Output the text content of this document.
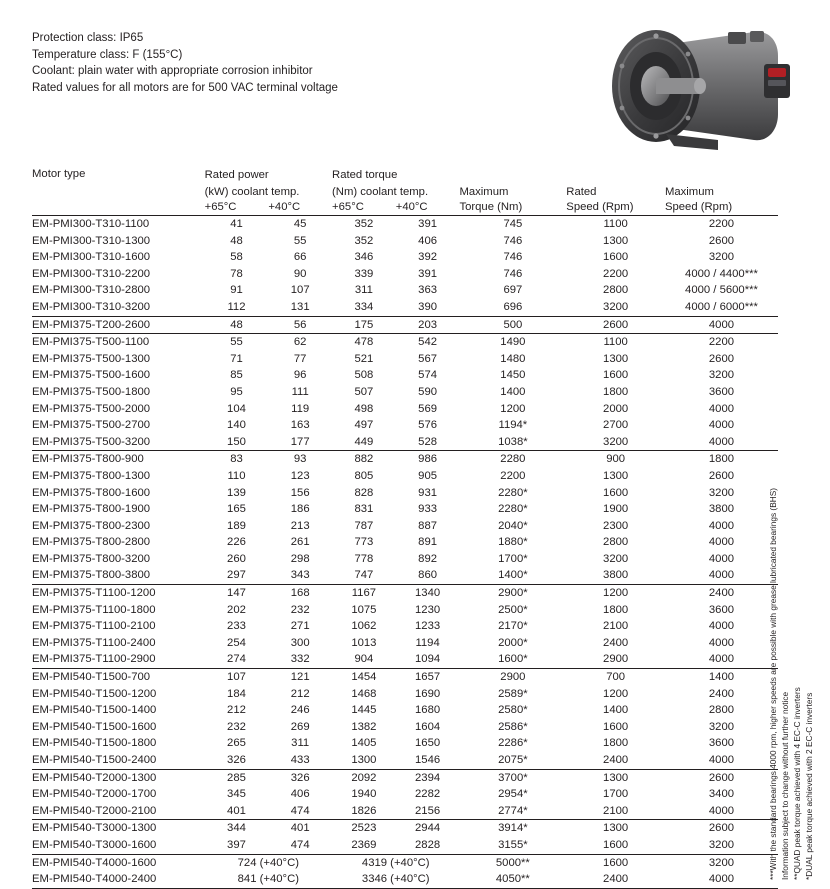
Protection class: IP65
Temperature class: F (155°C)
Coolant: plain water with appropriate corrosion inhibitor
Rated values for all motors are for 500 VAC terminal voltage
Motor type	Rated power		Rated torque		Maximum	Rated	Maximum
	(kW) coolant temp.		(Nm) coolant temp.				
	+65°C	+40°C	+65°C	+40°C	Torque (Nm)	Speed (Rpm)	Speed (Rpm)
EM-PMI300-T310-1100	41	45	352	391	745	1100	2200
EM-PMI300-T310-1300	48	55	352	406	746	1300	2600
EM-PMI300-T310-1600	58	66	346	392	746	1600	3200
EM-PMI300-T310-2200	78	90	339	391	746	2200	4000 / 4400***
EM-PMI300-T310-2800	91	107	311	363	697	2800	4000 / 5600***
EM-PMI300-T310-3200	112	131	334	390	696	3200	4000 / 6000***
EM-PMI375-T200-2600	48	56	175	203	500	2600	4000
EM-PMI375-T500-1100	55	62	478	542	1490	1100	2200
EM-PMI375-T500-1300	71	77	521	567	1480	1300	2600
EM-PMI375-T500-1600	85	96	508	574	1450	1600	3200
EM-PMI375-T500-1800	95	111	507	590	1400	1800	3600
EM-PMI375-T500-2000	104	119	498	569	1200	2000	4000
EM-PMI375-T500-2700	140	163	497	576	1194*	2700	4000
EM-PMI375-T500-3200	150	177	449	528	1038*	3200	4000
EM-PMI375-T800-900	83	93	882	986	2280	900	1800
EM-PMI375-T800-1300	110	123	805	905	2200	1300	2600
EM-PMI375-T800-1600	139	156	828	931	2280*	1600	3200
EM-PMI375-T800-1900	165	186	831	933	2280*	1900	3800
EM-PMI375-T800-2300	189	213	787	887	2040*	2300	4000
EM-PMI375-T800-2800	226	261	773	891	1880*	2800	4000
EM-PMI375-T800-3200	260	298	778	892	1700*	3200	4000
EM-PMI375-T800-3800	297	343	747	860	1400*	3800	4000
EM-PMI375-T1100-1200	147	168	1167	1340	2900*	1200	2400
EM-PMI375-T1100-1800	202	232	1075	1230	2500*	1800	3600
EM-PMI375-T1100-2100	233	271	1062	1233	2170*	2100	4000
EM-PMI375-T1100-2400	254	300	1013	1194	2000*	2400	4000
EM-PMI375-T1100-2900	274	332	904	1094	1600*	2900	4000
EM-PMI540-T1500-700	107	121	1454	1657	2900	700	1400
EM-PMI540-T1500-1200	184	212	1468	1690	2589*	1200	2400
EM-PMI540-T1500-1400	212	246	1445	1680	2580*	1400	2800
EM-PMI540-T1500-1600	232	269	1382	1604	2586*	1600	3200
EM-PMI540-T1500-1800	265	311	1405	1650	2286*	1800	3600
EM-PMI540-T1500-2400	326	433	1300	1546	2075*	2400	4000
EM-PMI540-T2000-1300	285	326	2092	2394	3700*	1300	2600
EM-PMI540-T2000-1700	345	406	1940	2282	2954*	1700	3400
EM-PMI540-T2000-2100	401	474	1826	2156	2774*	2100	4000
EM-PMI540-T3000-1300	344	401	2523	2944	3914*	1300	2600
EM-PMI540-T3000-1600	397	474	2369	2828	3155*	1600	3200
EM-PMI540-T4000-1600	724 (+40°C)		4319 (+40°C)		5000**	1600	3200
EM-PMI540-T4000-2400	841 (+40°C)		3346 (+40°C)		4050**	2400	4000	***With the standard bearings 4000 rpm, higher speeds are possible with grease lubricated bearings (BHS) Information subject to change without further notice **QUAD peak torque achieved with 4 EC-C inverters *DUAL peak torque achieved with 2 EC-C inverters
